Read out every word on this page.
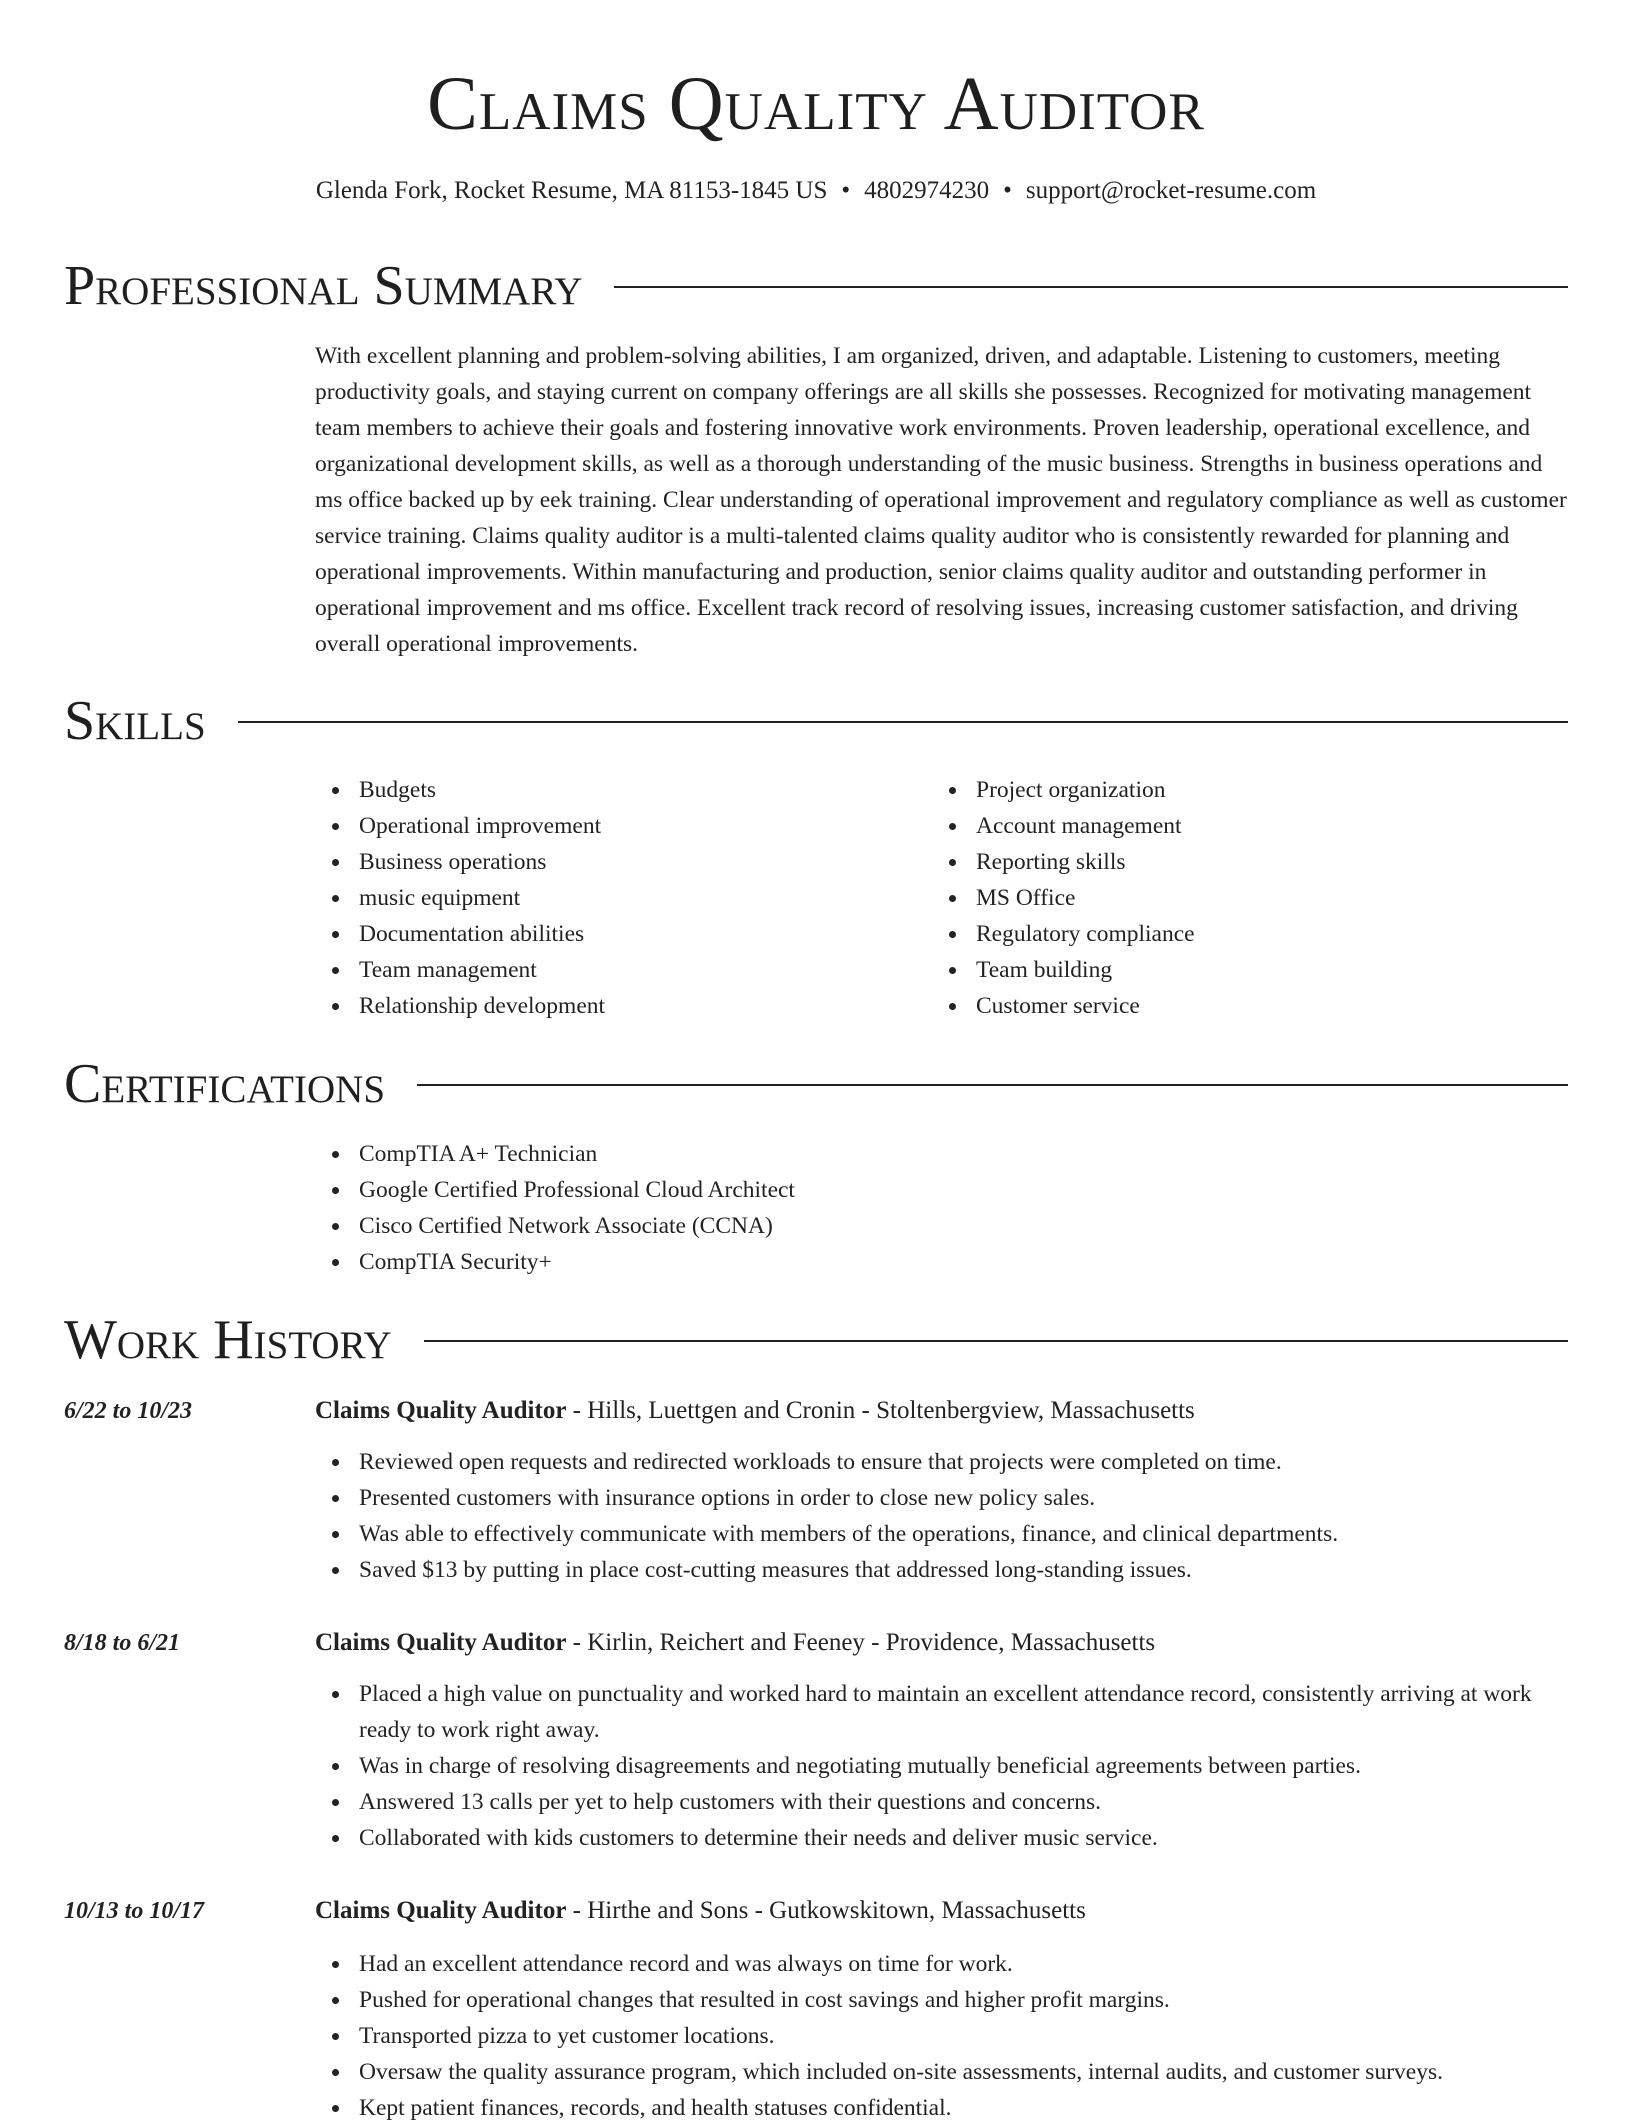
Claims Quality Auditor
Glenda Fork, Rocket Resume, MA 81153-1845 US • 4802974230 • support@rocket-resume.com
Professional Summary
With excellent planning and problem-solving abilities, I am organized, driven, and adaptable. Listening to customers, meeting productivity goals, and staying current on company offerings are all skills she possesses. Recognized for motivating management team members to achieve their goals and fostering innovative work environments. Proven leadership, operational excellence, and organizational development skills, as well as a thorough understanding of the music business. Strengths in business operations and ms office backed up by eek training. Clear understanding of operational improvement and regulatory compliance as well as customer service training. Claims quality auditor is a multi-talented claims quality auditor who is consistently rewarded for planning and operational improvements. Within manufacturing and production, senior claims quality auditor and outstanding performer in operational improvement and ms office. Excellent track record of resolving issues, increasing customer satisfaction, and driving overall operational improvements.
Skills
Budgets
Operational improvement
Business operations
music equipment
Documentation abilities
Team management
Relationship development
Project organization
Account management
Reporting skills
MS Office
Regulatory compliance
Team building
Customer service
Certifications
CompTIA A+ Technician
Google Certified Professional Cloud Architect
Cisco Certified Network Associate (CCNA)
CompTIA Security+
Work History
6/22 to 10/23	Claims Quality Auditor - Hills, Luettgen and Cronin - Stoltenbergview, Massachusetts
Reviewed open requests and redirected workloads to ensure that projects were completed on time.
Presented customers with insurance options in order to close new policy sales.
Was able to effectively communicate with members of the operations, finance, and clinical departments.
Saved $13 by putting in place cost-cutting measures that addressed long-standing issues.
8/18 to 6/21	Claims Quality Auditor - Kirlin, Reichert and Feeney - Providence, Massachusetts
Placed a high value on punctuality and worked hard to maintain an excellent attendance record, consistently arriving at work ready to work right away.
Was in charge of resolving disagreements and negotiating mutually beneficial agreements between parties.
Answered 13 calls per yet to help customers with their questions and concerns.
Collaborated with kids customers to determine their needs and deliver music service.
10/13 to 10/17	Claims Quality Auditor - Hirthe and Sons - Gutkowskitown, Massachusetts
Had an excellent attendance record and was always on time for work.
Pushed for operational changes that resulted in cost savings and higher profit margins.
Transported pizza to yet customer locations.
Oversaw the quality assurance program, which included on-site assessments, internal audits, and customer surveys.
Kept patient finances, records, and health statuses confidential.
